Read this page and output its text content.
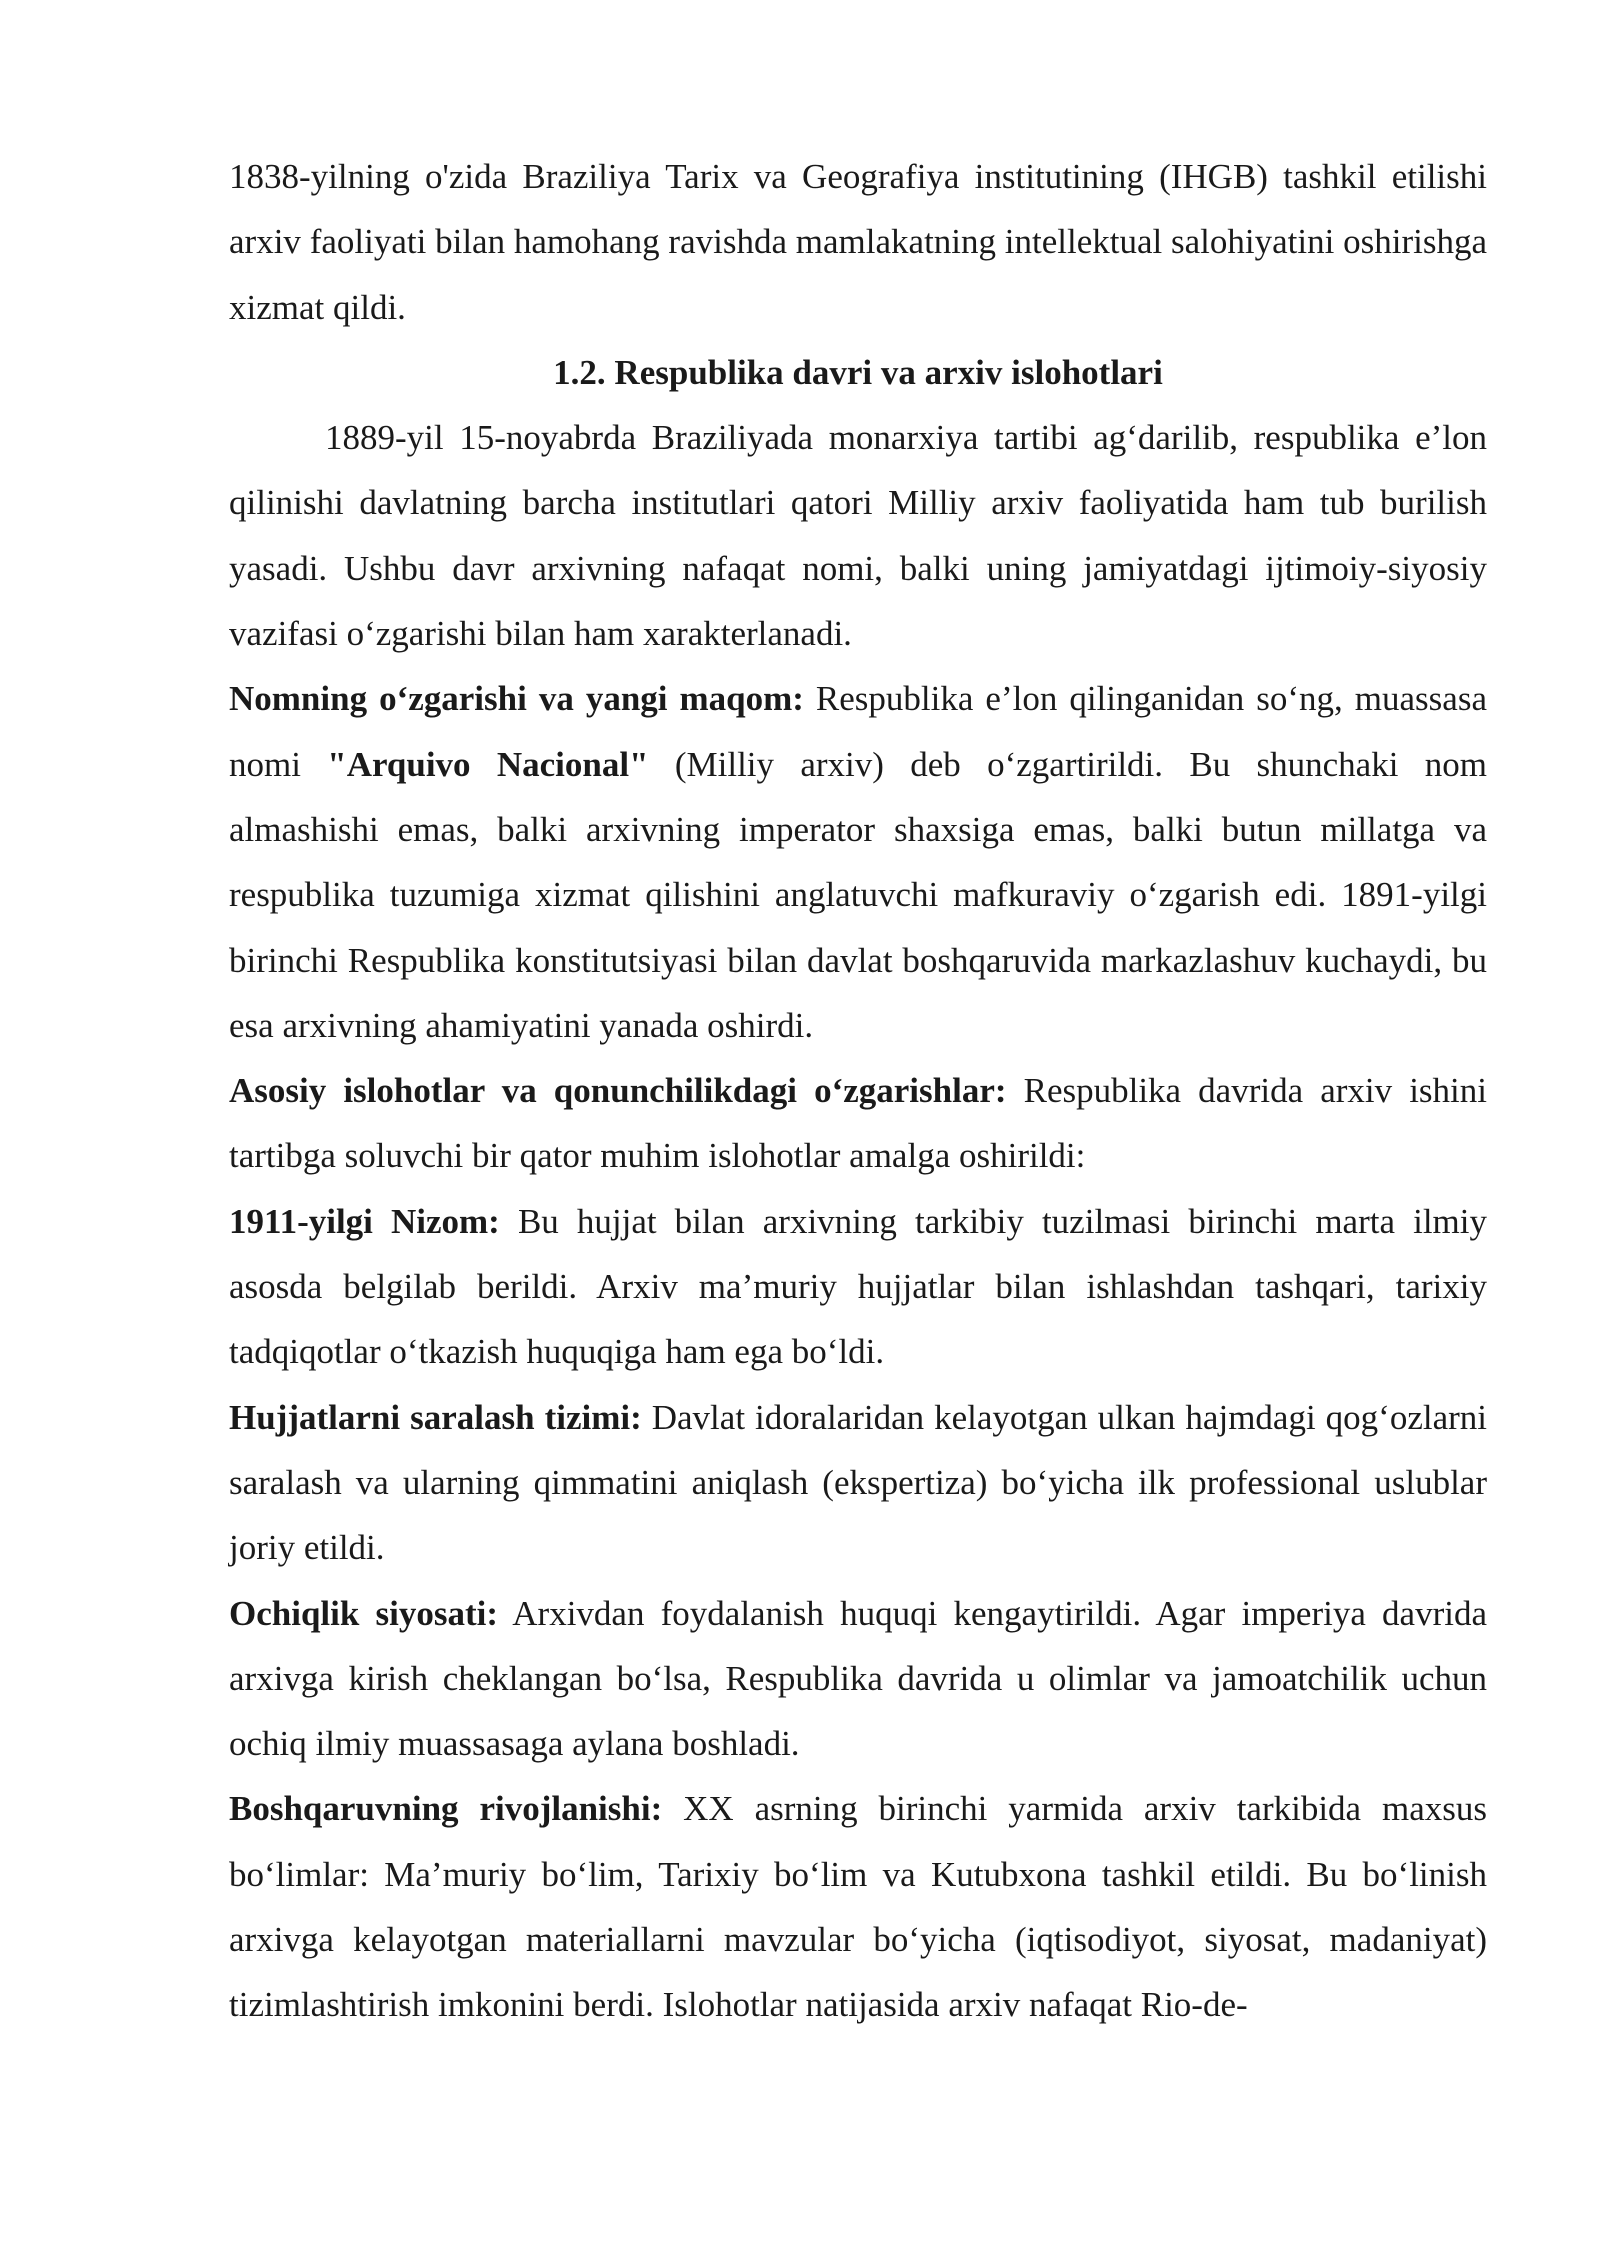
1838-yilning o'zida Braziliya Tarix va Geografiya institutining (IHGB) tashkil etilishi arxiv faoliyati bilan hamohang ravishda mamlakatning intellektual salohiyatini oshirishga xizmat qildi.

1.2. Respublika davri va arxiv islohotlari

1889-yil 15-noyabrda Braziliyada monarxiya tartibi ag‘darilib, respublika e’lon qilinishi davlatning barcha institutlari qatori Milliy arxiv faoliyatida ham tub burilish yasadi. Ushbu davr arxivning nafaqat nomi, balki uning jamiyatdagi ijtimoiy-siyosiy vazifasi o‘zgarishi bilan ham xarakterlanadi.

Nomning o‘zgarishi va yangi maqom: Respublika e’lon qilinganidan so‘ng, muassasa nomi "Arquivo Nacional" (Milliy arxiv) deb o‘zgartirildi. Bu shunchaki nom almashishi emas, balki arxivning imperator shaxsiga emas, balki butun millatga va respublika tuzumiga xizmat qilishini anglatuvchi mafkuraviy o‘zgarish edi. 1891-yilgi birinchi Respublika konstitutsiyasi bilan davlat boshqaruvida markazlashuv kuchaydi, bu esa arxivning ahamiyatini yanada oshirdi.

Asosiy islohotlar va qonunchilikdagi o‘zgarishlar: Respublika davrida arxiv ishini tartibga soluvchi bir qator muhim islohotlar amalga oshirildi:

1911-yilgi Nizom: Bu hujjat bilan arxivning tarkibiy tuzilmasi birinchi marta ilmiy asosda belgilab berildi. Arxiv ma’muriy hujjatlar bilan ishlashdan tashqari, tarixiy tadqiqotlar o‘tkazish huquqiga ham ega bo‘ldi.

Hujjatlarni saralash tizimi: Davlat idoralaridan kelayotgan ulkan hajmdagi qog‘ozlarni saralash va ularning qimmatini aniqlash (ekspertiza) bo‘yicha ilk professional uslublar joriy etildi.

Ochiqlik siyosati: Arxivdan foydalanish huquqi kengaytirildi. Agar imperiya davrida arxivga kirish cheklangan bo‘lsa, Respublika davrida u olimlar va jamoatchilik uchun ochiq ilmiy muassasaga aylana boshladi.

Boshqaruvning rivojlanishi: XX asrning birinchi yarmida arxiv tarkibida maxsus bo‘limlar: Ma’muriy bo‘lim, Tarixiy bo‘lim va Kutubxona tashkil etildi. Bu bo‘linish arxivga kelayotgan materiallarni mavzular bo‘yicha (iqtisodiyot, siyosat, madaniyat) tizimlashtirish imkonini berdi. Islohotlar natijasida arxiv nafaqat Rio-de-
